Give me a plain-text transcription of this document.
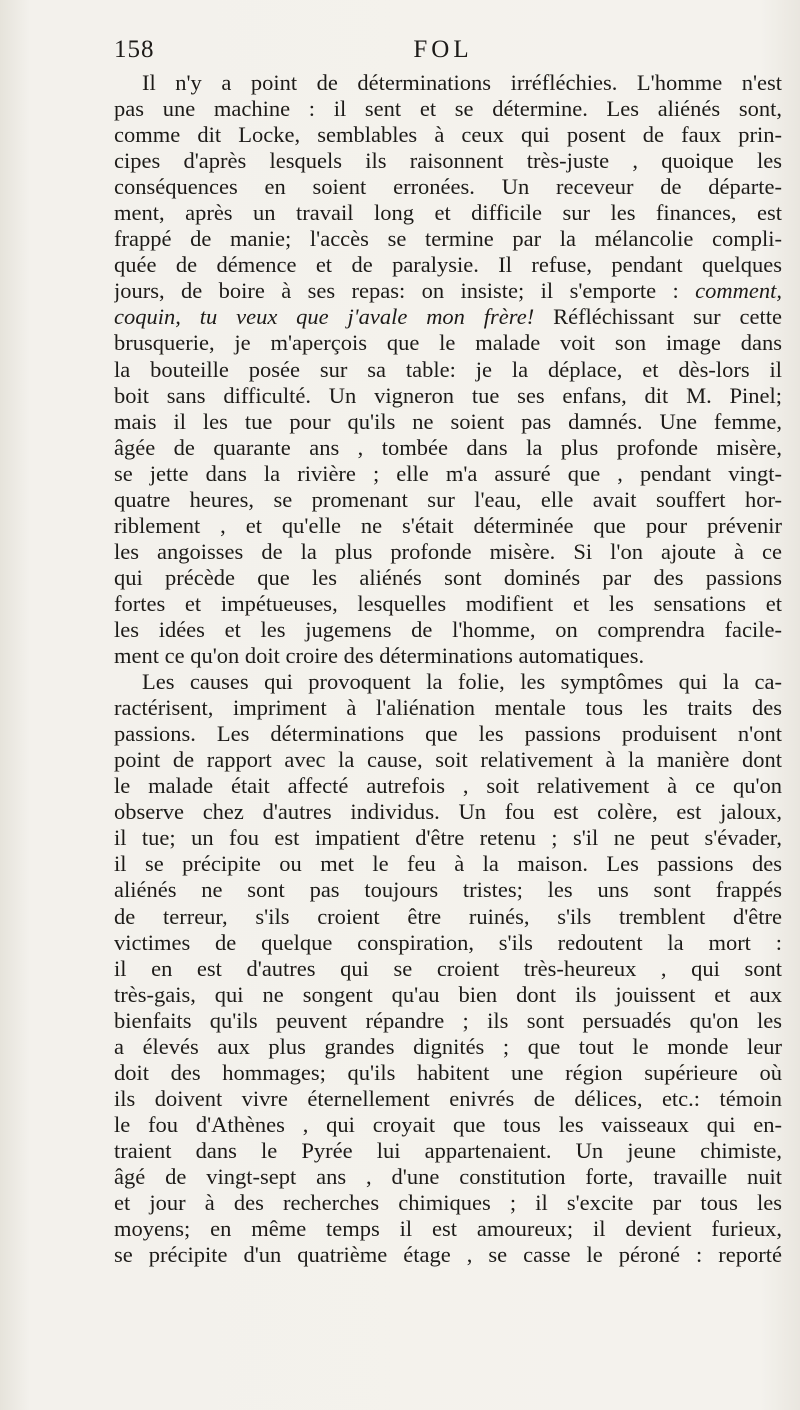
158	FOL
Il n'y a point de déterminations irréfléchies. L'homme n'est
pas une machine : il sent et se détermine. Les aliénés sont,
comme dit Locke, semblables à ceux qui posent de faux prin-
cipes d'après lesquels ils raisonnent très-juste , quoique les
conséquences en soient erronées. Un receveur de départe-
ment, après un travail long et difficile sur les finances, est
frappé de manie; l'accès se termine par la mélancolie compli-
quée de démence et de paralysie. Il refuse, pendant quelques
jours, de boire à ses repas: on insiste; il s'emporte : comment,
coquin, tu veux que j'avale mon frère! Réfléchissant sur cette
brusquerie, je m'aperçois que le malade voit son image dans
la bouteille posée sur sa table: je la déplace, et dès-lors il
boit sans difficulté. Un vigneron tue ses enfans, dit M. Pinel;
mais il les tue pour qu'ils ne soient pas damnés. Une femme,
âgée de quarante ans , tombée dans la plus profonde misère,
se jette dans la rivière ; elle m'a assuré que , pendant vingt-
quatre heures, se promenant sur l'eau, elle avait souffert hor-
riblement , et qu'elle ne s'était déterminée que pour prévenir
les angoisses de la plus profonde misère. Si l'on ajoute à ce
qui précède que les aliénés sont dominés par des passions
fortes et impétueuses, lesquelles modifient et les sensations et
les idées et les jugemens de l'homme, on comprendra facile-
ment ce qu'on doit croire des déterminations automatiques.
Les causes qui provoquent la folie, les symptômes qui la ca-
ractérisent, impriment à l'aliénation mentale tous les traits des
passions. Les déterminations que les passions produisent n'ont
point de rapport avec la cause, soit relativement à la manière dont
le malade était affecté autrefois , soit relativement à ce qu'on
observe chez d'autres individus. Un fou est colère, est jaloux,
il tue; un fou est impatient d'être retenu ; s'il ne peut s'évader,
il se précipite ou met le feu à la maison. Les passions des
aliénés ne sont pas toujours tristes; les uns sont frappés
de terreur, s'ils croient être ruinés, s'ils tremblent d'être
victimes de quelque conspiration, s'ils redoutent la mort :
il en est d'autres qui se croient très-heureux , qui sont
très-gais, qui ne songent qu'au bien dont ils jouissent et aux
bienfaits qu'ils peuvent répandre ; ils sont persuadés qu'on les
a élevés aux plus grandes dignités ; que tout le monde leur
doit des hommages; qu'ils habitent une région supérieure où
ils doivent vivre éternellement enivrés de délices, etc.: témoin
le fou d'Athènes , qui croyait que tous les vaisseaux qui en-
traient dans le Pyrée lui appartenaient. Un jeune chimiste,
âgé de vingt-sept ans , d'une constitution forte, travaille nuit
et jour à des recherches chimiques ; il s'excite par tous les
moyens; en même temps il est amoureux; il devient furieux,
se précipite d'un quatrième étage , se casse le péroné : reporté
